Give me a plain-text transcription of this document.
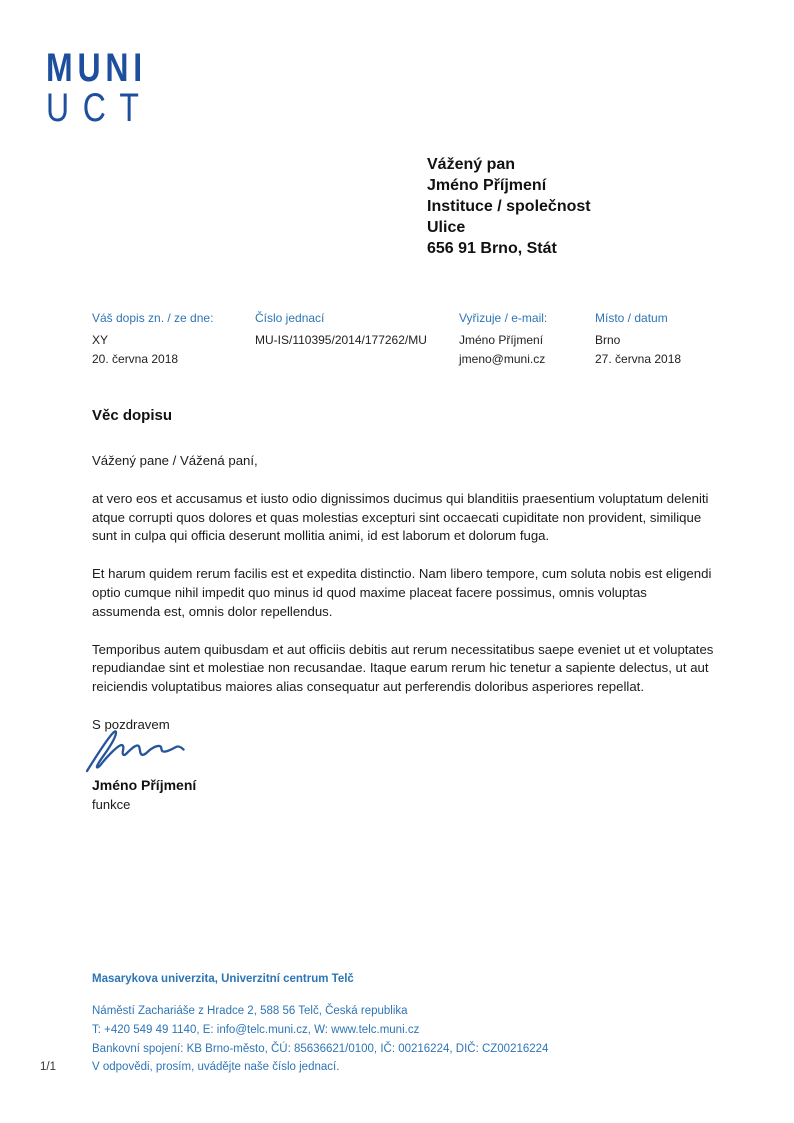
MUNI
UCT
Vážený pan
Jméno Příjmení
Instituce / společnost
Ulice
656 91 Brno, Stát
Váš dopis zn. / ze dne:
XY
20. června 2018
Číslo jednací
MU-IS/110395/2014/177262/MU
Vyřizuje / e-mail:
Jméno Příjmení
jmeno@muni.cz
Místo / datum
Brno
27. června 2018
Věc dopisu

Vážený pane / Vážená paní,

at vero eos et accusamus et iusto odio dignissimos ducimus qui blanditiis praesentium voluptatum deleniti atque corrupti quos dolores et quas molestias excepturi sint occaecati cupiditate non provident, similique sunt in culpa qui officia deserunt mollitia animi, id est laborum et dolorum fuga.

Et harum quidem rerum facilis est et expedita distinctio. Nam libero tempore, cum soluta nobis est eligendi optio cumque nihil impedit quo minus id quod maxime placeat facere possimus, omnis voluptas assumenda est, omnis dolor repellendus.

Temporibus autem quibusdam et aut officiis debitis aut rerum necessitatibus saepe eveniet ut et voluptates repudiandae sint et molestiae non recusandae. Itaque earum rerum hic tenetur a sapiente delectus, ut aut reiciendis voluptatibus maiores alias consequatur aut perferendis doloribus asperiores repellat.

S pozdravem

Jméno Příjmení
funkce
Masarykova univerzita, Univerzitní centrum Telč
Náměstí Zachariáše z Hradce 2, 588 56 Telč, Česká republika
T: +420 549 49 1140, E: info@telc.muni.cz, W: www.telc.muni.cz
Bankovní spojení: KB Brno-město, ČÚ: 85636621/0100, IČ: 00216224, DIČ: CZ00216224
V odpovědi, prosím, uvádějte naše číslo jednací.
1/1
